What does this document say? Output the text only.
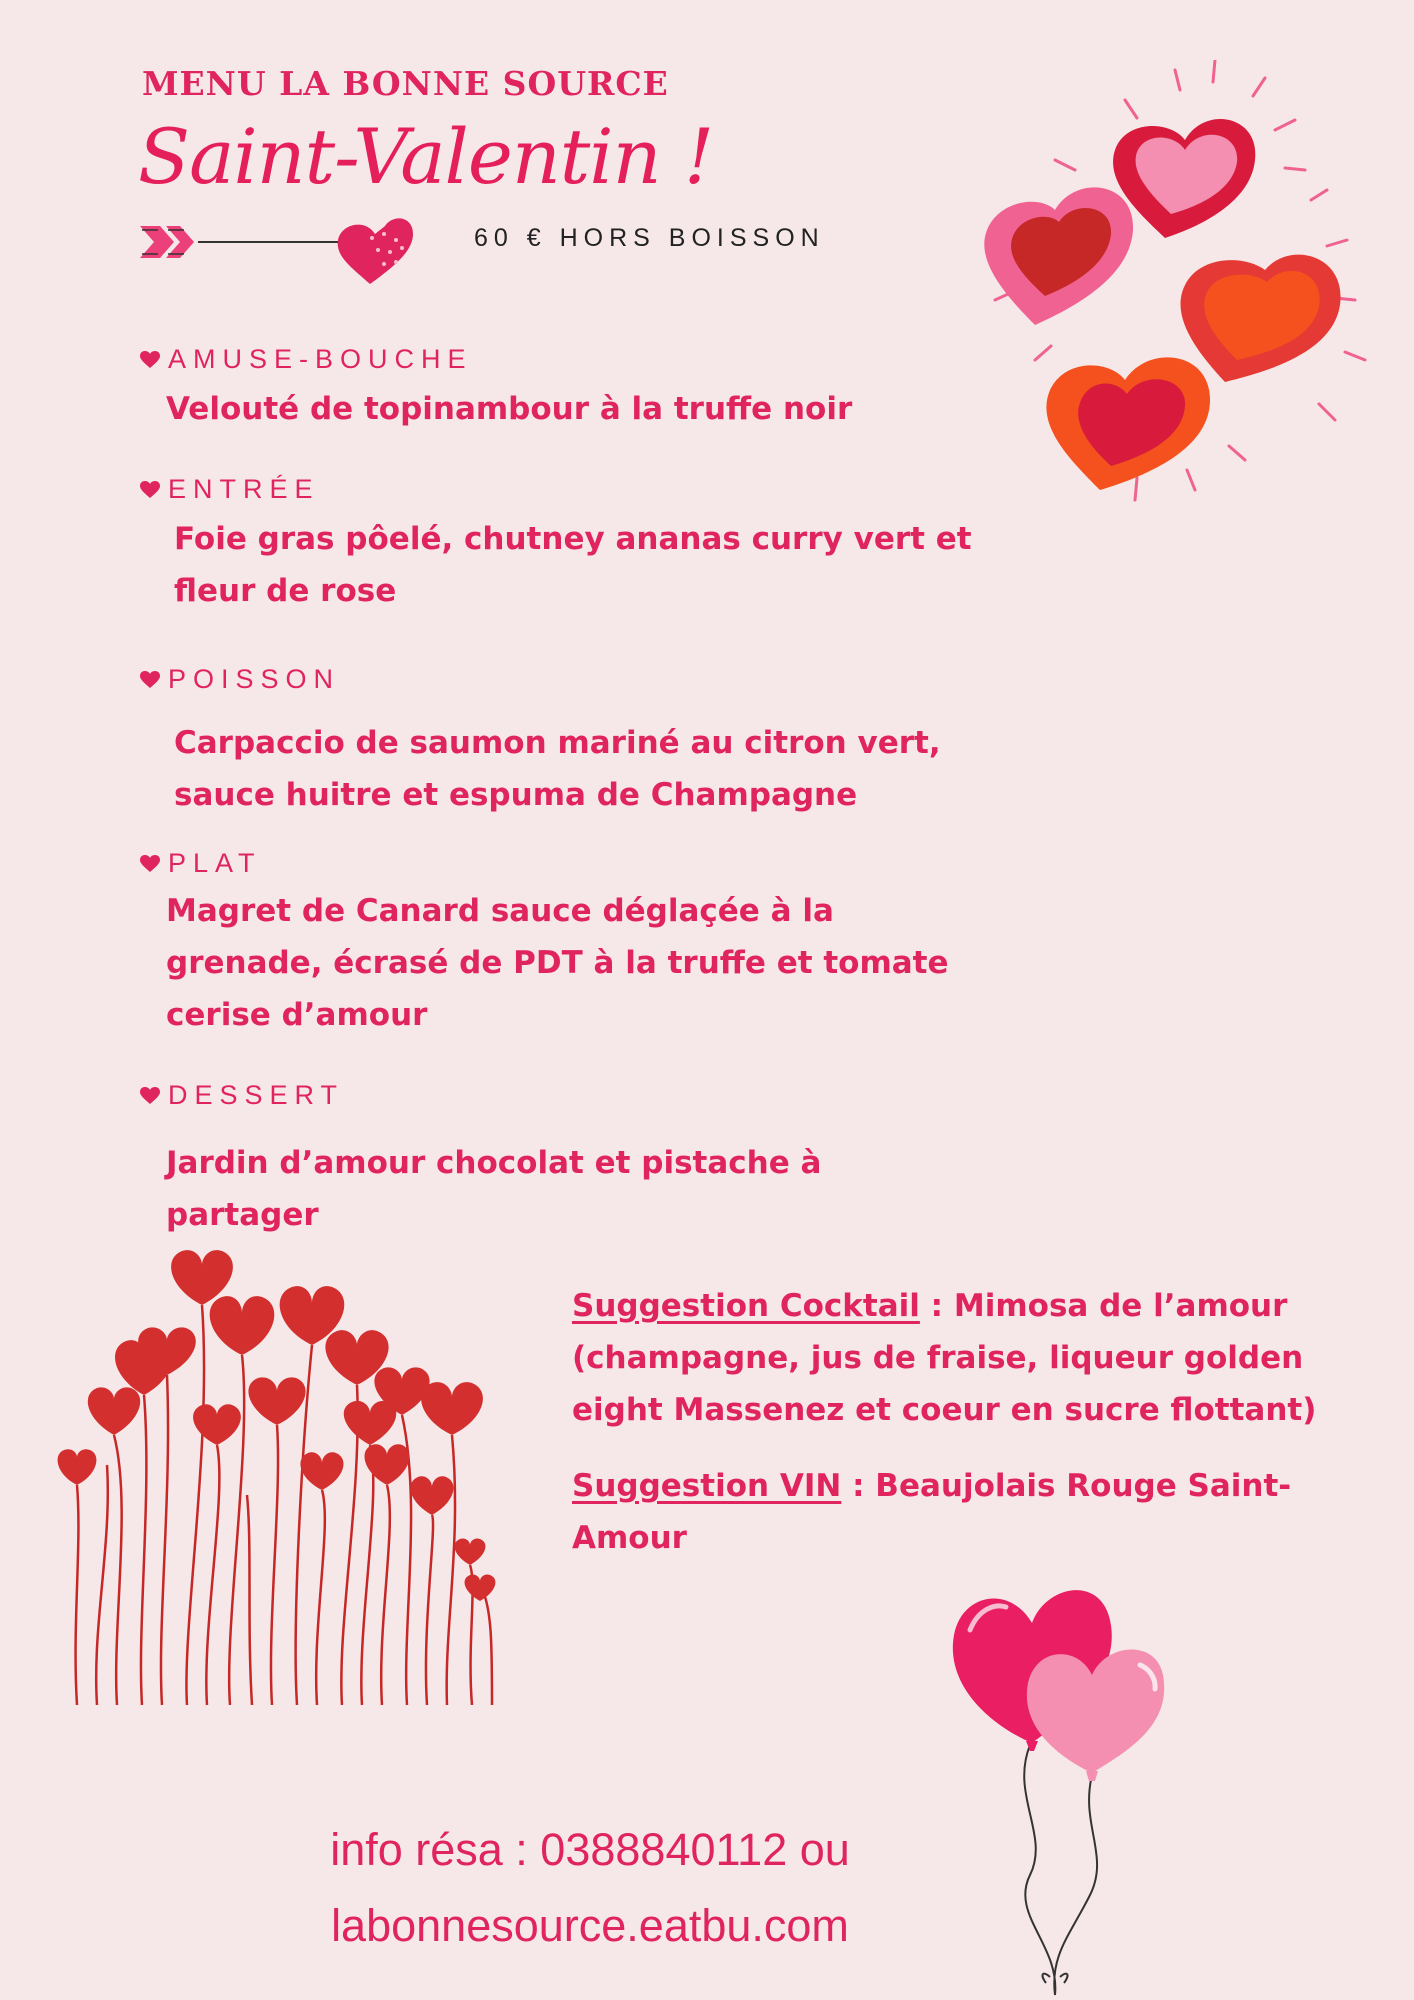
MENU LA BONNE SOURCE
Saint-Valentin !
60 € HORS BOISSON
AMUSE-BOUCHE
Velouté de topinambour à la truffe noir
ENTRÉE
Foie gras pôelé, chutney ananas curry vert et
fleur de rose
POISSON
Carpaccio de saumon mariné au citron vert,
sauce huitre et espuma de Champagne
PLAT
Magret de Canard sauce déglaçée à la
grenade, écrasé de PDT à la truffe et tomate
cerise d’amour
DESSERT
Jardin d’amour chocolat et pistache à
partager

Suggestion Cocktail : Mimosa de l’amour (champagne, jus de fraise, liqueur golden eight Massenez et coeur en sucre flottant)

Suggestion VIN : Beaujolais Rouge Saint-Amour

info résa : 0388840112 ou
labonnesource.eatbu.com
